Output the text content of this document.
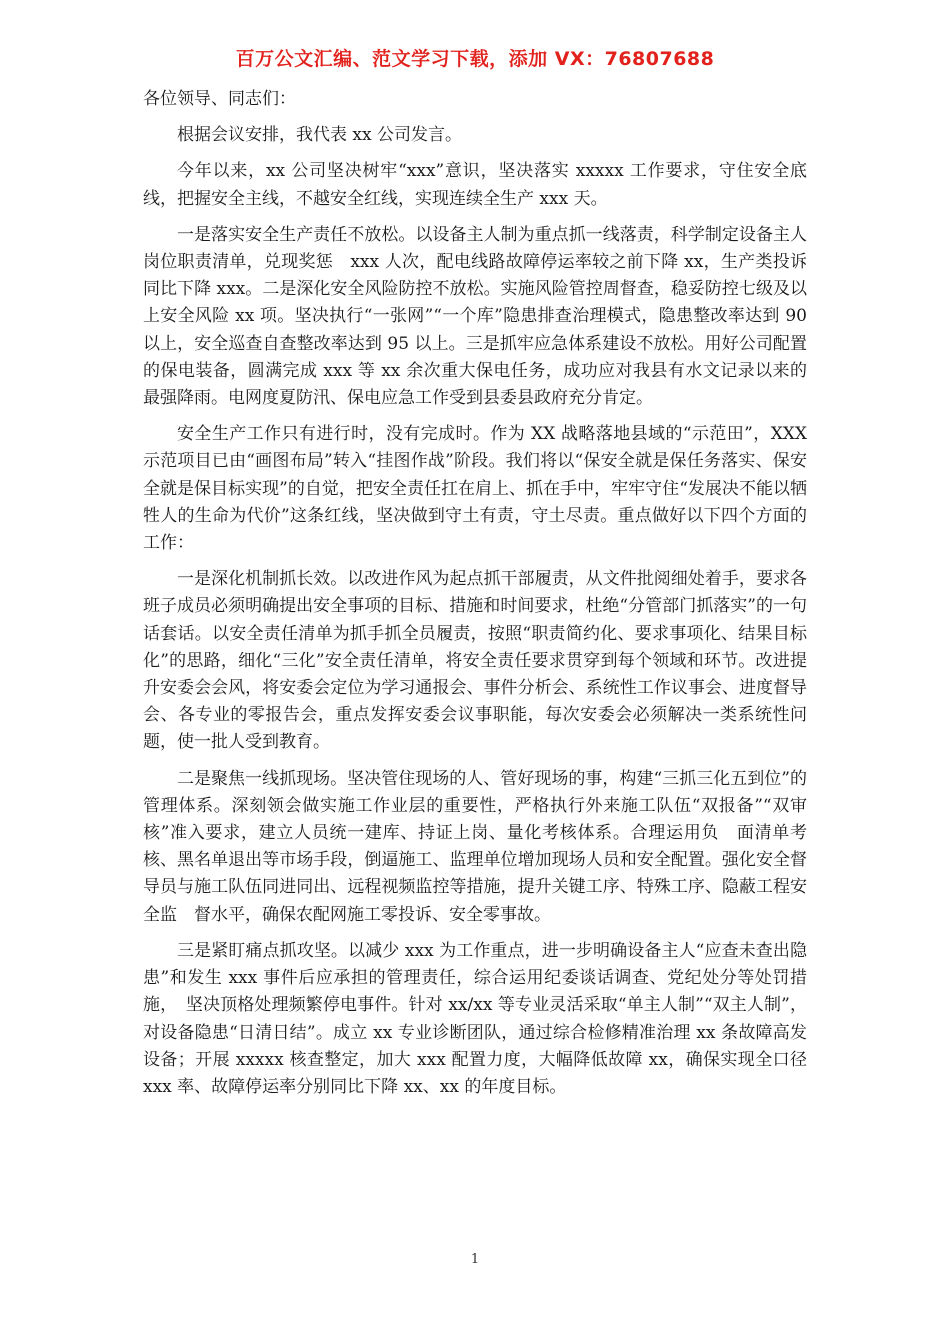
百万公文汇编、范文学习下载，添加 VX：76807688

各位领导、同志们：

根据会议安排，我代表 xx 公司发言。

今年以来，xx 公司坚决树牢“xxx”意识，坚决落实 xxxxx 工作要求，守住安全底线，把握安全主线，不越安全红线，实现连续全生产 xxx 天。

一是落实安全生产责任不放松。以设备主人制为重点抓一线落责，科学制定设备主人岗位职责清单，兑现奖惩　xxx 人次，配电线路故障停运率较之前下降 xx，生产类投诉同比下降 xxx。二是深化安全风险防控不放松。实施风险管控周督查，稳妥防控七级及以上安全风险 xx 项。坚决执行“一张网”“一个库”隐患排查治理模式，隐患整改率达到 90 以上，安全巡查自查整改率达到 95 以上。三是抓牢应急体系建设不放松。用好公司配置的保电装备，圆满完成 xxx 等 xx 余次重大保电任务，成功应对我县有水文记录以来的最强降雨。电网度夏防汛、保电应急工作受到县委县政府充分肯定。

安全生产工作只有进行时，没有完成时。作为 XX 战略落地县域的“示范田”，XXX 示范项目已由“画图布局”转入“挂图作战”阶段。我们将以“保安全就是保任务落实、保安全就是保目标实现”的自觉，把安全责任扛在肩上、抓在手中，牢牢守住“发展决不能以牺牲人的生命为代价”这条红线，坚决做到守土有责，守土尽责。重点做好以下四个方面的工作：

一是深化机制抓长效。以改进作风为起点抓干部履责，从文件批阅细处着手，要求各班子成员必须明确提出安全事项的目标、措施和时间要求，杜绝“分管部门抓落实”的一句话套话。以安全责任清单为抓手抓全员履责，按照“职责简约化、要求事项化、结果目标化”的思路，细化“三化”安全责任清单，将安全责任要求贯穿到每个领域和环节。改进提升安委会会风，将安委会定位为学习通报会、事件分析会、系统性工作议事会、进度督导会、各专业的零报告会，重点发挥安委会议事职能，每次安委会必须解决一类系统性问题，使一批人受到教育。

二是聚焦一线抓现场。坚决管住现场的人、管好现场的事，构建“三抓三化五到位”的管理体系。深刻领会做实施工作业层的重要性，严格执行外来施工队伍“双报备”“双审核”准入要求，建立人员统一建库、持证上岗、量化考核体系。合理运用负　面清单考核、黑名单退出等市场手段，倒逼施工、监理单位增加现场人员和安全配置。强化安全督导员与施工队伍同进同出、远程视频监控等措施，提升关键工序、特殊工序、隐蔽工程安全监　督水平，确保农配网施工零投诉、安全零事故。

三是紧盯痛点抓攻坚。以减少 xxx 为工作重点，进一步明确设备主人“应查未查出隐患”和发生 xxx 事件后应承担的管理责任，综合运用纪委谈话调查、党纪处分等处罚措施，　坚决顶格处理频繁停电事件。针对 xx/xx 等专业灵活采取“单主人制”“双主人制”，对设备隐患“日清日结”。成立 xx 专业诊断团队，通过综合检修精准治理 xx 条故障高发设备；开展 xxxxx 核查整定，加大 xxx 配置力度，大幅降低故障 xx，确保实现全口径 xxx 率、故障停运率分别同比下降 xx、xx 的年度目标。

1
